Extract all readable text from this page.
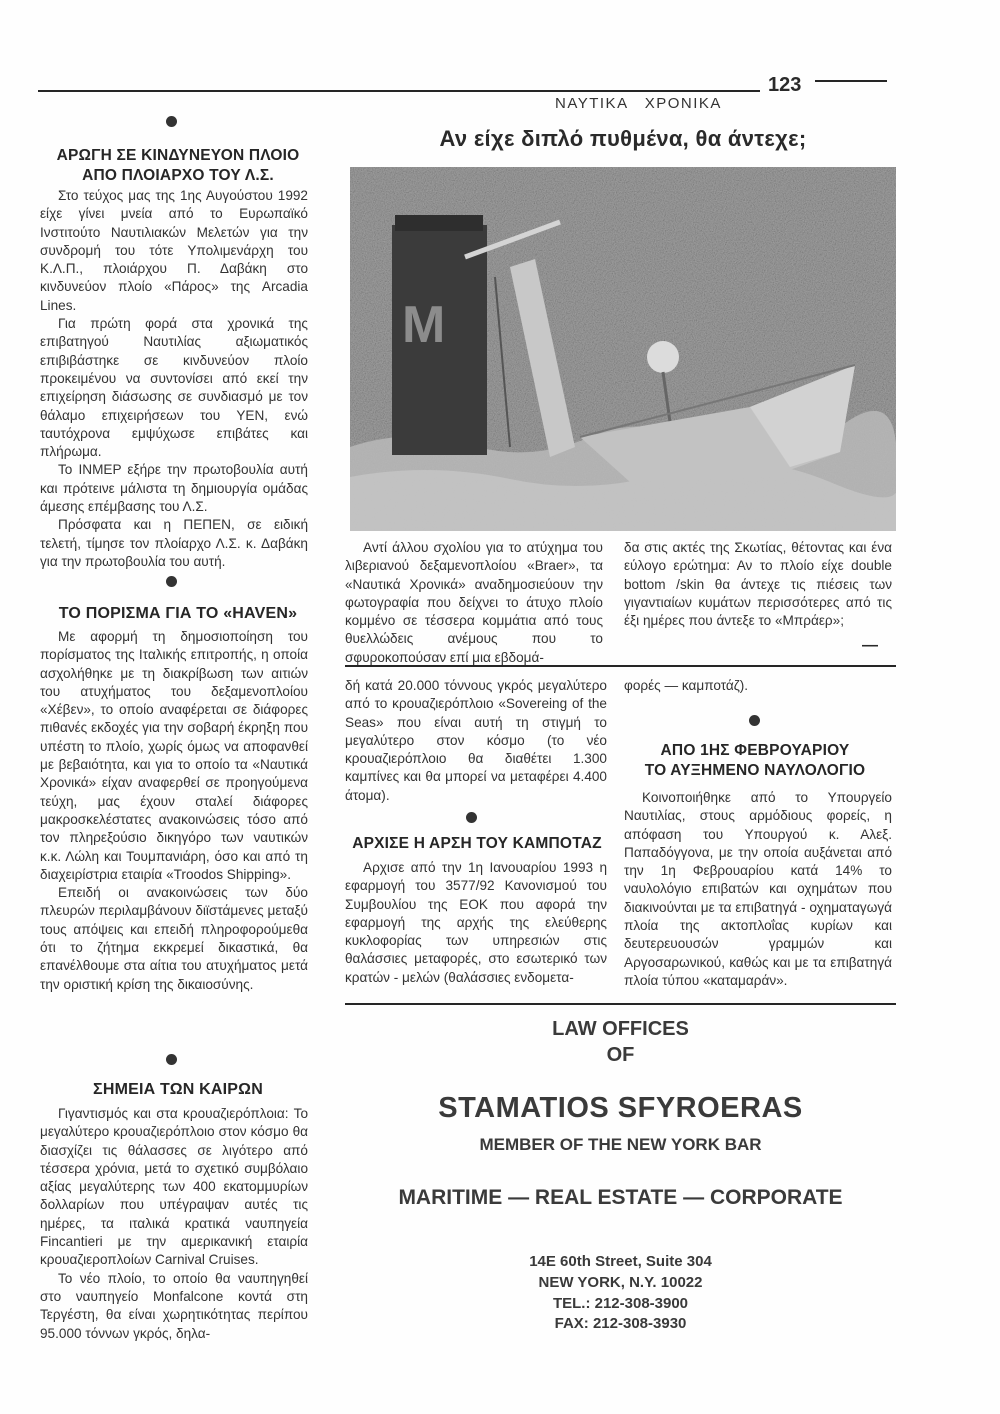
123
ΝΑΥΤΙΚΑ   ΧΡΟΝΙΚΑ
ΑΡΩΓΗ ΣΕ ΚΙΝΔΥΝΕΥΟΝ ΠΛΟΙΟ
ΑΠΟ ΠΛΟΙΑΡΧΟ ΤΟΥ Λ.Σ.

Στο τεύχος μας της 1ης Αυγούστου 1992 είχε γίνει μνεία από το Ευρωπαϊκό Ινστιτούτο Ναυτιλιακών Μελετών για την συνδρομή του τότε Υπολιμενάρχη του Κ.Λ.Π., πλοιάρχου Π. Δαβάκη στο κινδυνεύον πλοίο «Πάρος» της Arcadia Lines.

Για πρώτη φορά στα χρονικά της επιβατηγού Ναυτιλίας αξιωματικός επιβιβάστηκε σε κινδυνεύον πλοίο προκειμένου να συντονίσει από εκεί την επιχείρηση διάσωσης σε συνδιασμό με τον θάλαμο επιχειρήσεων του ΥΕΝ, ενώ ταυτόχρονα εμψύχωσε επιβάτες και πλήρωμα.

Το ΙΝΜΕΡ εξήρε την πρωτοβουλία αυτή και πρότεινε μάλιστα τη δημιουργία ομάδας άμεσης επέμβασης του Λ.Σ.

Πρόσφατα και η ΠΕΠΕΝ, σε ειδική τελετή, τίμησε τον πλοίαρχο Λ.Σ. κ. Δαβάκη για την πρωτοβουλία του αυτή.

ΤΟ ΠΟΡΙΣΜΑ ΓΙΑ ΤΟ «HAVEN»

Με αφορμή τη δημοσιοποίηση του πορίσματος της Ιταλικής επιτροπής, η οποία ασχολήθηκε με τη διακρίβωση των αιτιών του ατυχήματος του δεξαμενοπλοίου «Χέβεν», το οποίο αναφέρεται σε διάφορες πιθανές εκδοχές για την σοβαρή έκρηξη που υπέστη το πλοίο, χωρίς όμως να αποφανθεί με βεβαιότητα, και για το οποίο τα «Ναυτικά Χρονικά» είχαν αναφερθεί σε προηγούμενα τεύχη, μας έχουν σταλεί διάφορες μακροσκελέστατες ανακοινώσεις τόσο από τον πληρεξούσιο δικηγόρο των ναυτικών κ.κ. Λώλη και Τουμπανιάρη, όσο και από τη διαχειρίστρια εταιρία «Troodos Shipping».

Επειδή οι ανακοινώσεις των δύο πλευρών περιλαμβάνουν διϊστάμενες μεταξύ τους απόψεις και επειδή πληροφορούμεθα ότι το ζήτημα εκκρεμεί δικαστικά, θα επανέλθουμε στα αίτια του ατυχήματος μετά την οριστική κρίση της δικαιοσύνης.

ΣΗΜΕΙΑ ΤΩΝ ΚΑΙΡΩΝ

Γιγαντισμός και στα κρουαζιερόπλοια: Το μεγαλύτερο κρουαζιερόπλοιο στον κόσμο θα διασχίζει τις θάλασσες σε λιγότερο από τέσσερα χρόνια, μετά το σχετικό συμβόλαιο αξίας μεγαλύτερης των 400 εκατομμυρίων δολλαρίων που υπέγραψαν αυτές τις ημέρες, τα ιταλικά κρατικά ναυπηγεία Fincantieri με την αμερικανική εταιρία κρουαζιεροπλοίων Carnival Cruises.

Το νέο πλοίο, το οποίο θα ναυπηγηθεί στο ναυπηγείο Monfalcone κοντά στη Τεργέστη, θα είναι χωρητικότητας περίπου 95.000 τόννων γκρός, δηλα-

Αν είχε διπλό πυθμένα, θα άντεχε;
M

Αντί άλλου σχολίου για το ατύχημα του λιβεριανού δεξαμενοπλοίου «Braer», τα «Ναυτικά Χρονικά» αναδημοσιεύουν την φωτογραφία που δείχνει το άτυχο πλοίο κομμένο σε τέσσερα κομμάτια από τους θυελλώδεις ανέμους που το σφυροκοπούσαν επί μια εβδομά-

δα στις ακτές της Σκωτίας, θέτοντας και ένα εύλογο ερώτημα: Αν το πλοίο είχε double bottom /skin θα άντεχε τις πιέσεις των γιγαντιαίων κυμάτων περισσότερες από τις έξι ημέρες που άντεξε το «Μπράερ»;

—

δή κατά 20.000 τόννους γκρός μεγαλύτερο από το κρουαζιερόπλοιο «Sovereing of the Seas» που είναι αυτή τη στιγμή το μεγαλύτερο στον κόσμο (το νέο κρουαζιερόπλοιο θα διαθέτει 1.300 καμπίνες και θα μπορεί να μεταφέρει 4.400 άτομα).

ΑΡΧΙΣΕ Η ΑΡΣΗ ΤΟΥ ΚΑΜΠΟΤΑΖ

Αρχισε από την 1η Ιανουαρίου 1993 η εφαρμογή του 3577/92 Κανονισμού του Συμβουλίου της ΕΟΚ που αφορά την εφαρμογή της αρχής της ελεύθερης κυκλοφορίας των υπηρεσιών στις θαλάσσιες μεταφορές, στο εσωτερικό των κρατών - μελών (θαλάσσιες ενδομετα-

φορές — καμποτάζ).

ΑΠΟ 1ΗΣ ΦΕΒΡΟΥΑΡΙΟΥ
ΤΟ ΑΥΞΗΜΕΝΟ ΝΑΥΛΟΛΟΓΙΟ

Κοινοποιήθηκε από το Υπουργείο Ναυτιλίας, στους αρμόδιους φορείς, η απόφαση του Υπουργού κ. Αλεξ. Παπαδόγγονα, με την οποία αυξάνεται από την 1η Φεβρουαρίου κατά 14% το ναυλολόγιο επιβατών και οχημάτων που διακινούνται με τα επιβατηγά - οχηματαγωγά πλοία της ακτοπλοΐας κυρίων και δευτερευουσών γραμμών και Αργοσαρωνικού, καθώς και με τα επιβατηγά πλοία τύπου «καταμαράν».

LAW OFFICES
OF
STAMATIOS SFYROERAS
MEMBER OF THE NEW YORK BAR
MARITIME — REAL ESTATE — CORPORATE
14E 60th Street, Suite 304
NEW YORK, N.Y. 10022
TEL.: 212-308-3900
FAX: 212-308-3930
